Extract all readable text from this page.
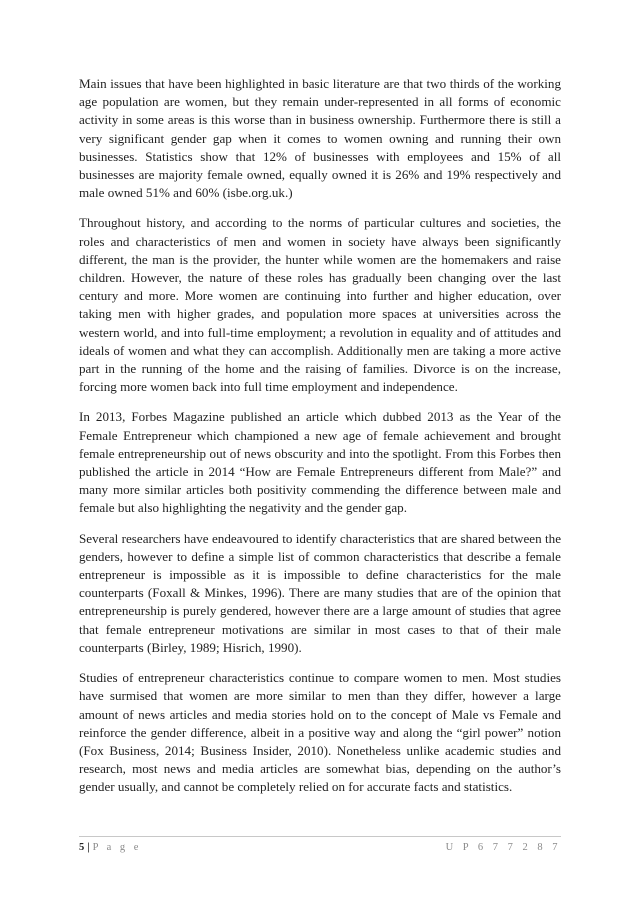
Main issues that have been highlighted in basic literature are that two thirds of the working age population are women, but they remain under-represented in all forms of economic activity in some areas is this worse than in business ownership. Furthermore there is still a very significant gender gap when it comes to women owning and running their own businesses. Statistics show that 12% of businesses with employees and 15% of all businesses are majority female owned, equally owned it is 26% and 19% respectively and male owned 51% and 60% (isbe.org.uk.)

Throughout history, and according to the norms of particular cultures and societies, the roles and characteristics of men and women in society have always been significantly different, the man is the provider, the hunter while women are the homemakers and raise children. However, the nature of these roles has gradually been changing over the last century and more. More women are continuing into further and higher education, over taking men with higher grades, and population more spaces at universities across the western world, and into full-time employment; a revolution in equality and of attitudes and ideals of women and what they can accomplish. Additionally men are taking a more active part in the running of the home and the raising of families. Divorce is on the increase, forcing more women back into full time employment and independence.

In 2013, Forbes Magazine published an article which dubbed 2013 as the Year of the Female Entrepreneur which championed a new age of female achievement and brought female entrepreneurship out of news obscurity and into the spotlight. From this Forbes then published the article in 2014 “How are Female Entrepreneurs different from Male?” and many more similar articles both positivity commending the difference between male and female but also highlighting the negativity and the gender gap.

Several researchers have endeavoured to identify characteristics that are shared between the genders, however to define a simple list of common characteristics that describe a female entrepreneur is impossible as it is impossible to define characteristics for the male counterparts (Foxall & Minkes, 1996). There are many studies that are of the opinion that entrepreneurship is purely gendered, however there are a large amount of studies that agree that female entrepreneur motivations are similar in most cases to that of their male counterparts (Birley, 1989; Hisrich, 1990).

Studies of entrepreneur characteristics continue to compare women to men. Most studies have surmised that women are more similar to men than they differ, however a large amount of news articles and media stories hold on to the concept of Male vs Female and reinforce the gender difference, albeit in a positive way and along the “girl power” notion (Fox Business, 2014; Business Insider, 2010). Nonetheless unlike academic studies and research, most news and media articles are somewhat bias, depending on the author’s gender usually, and cannot be completely relied on for accurate facts and statistics.

5 | P a g e	U P 6 7 7 2 8 7
